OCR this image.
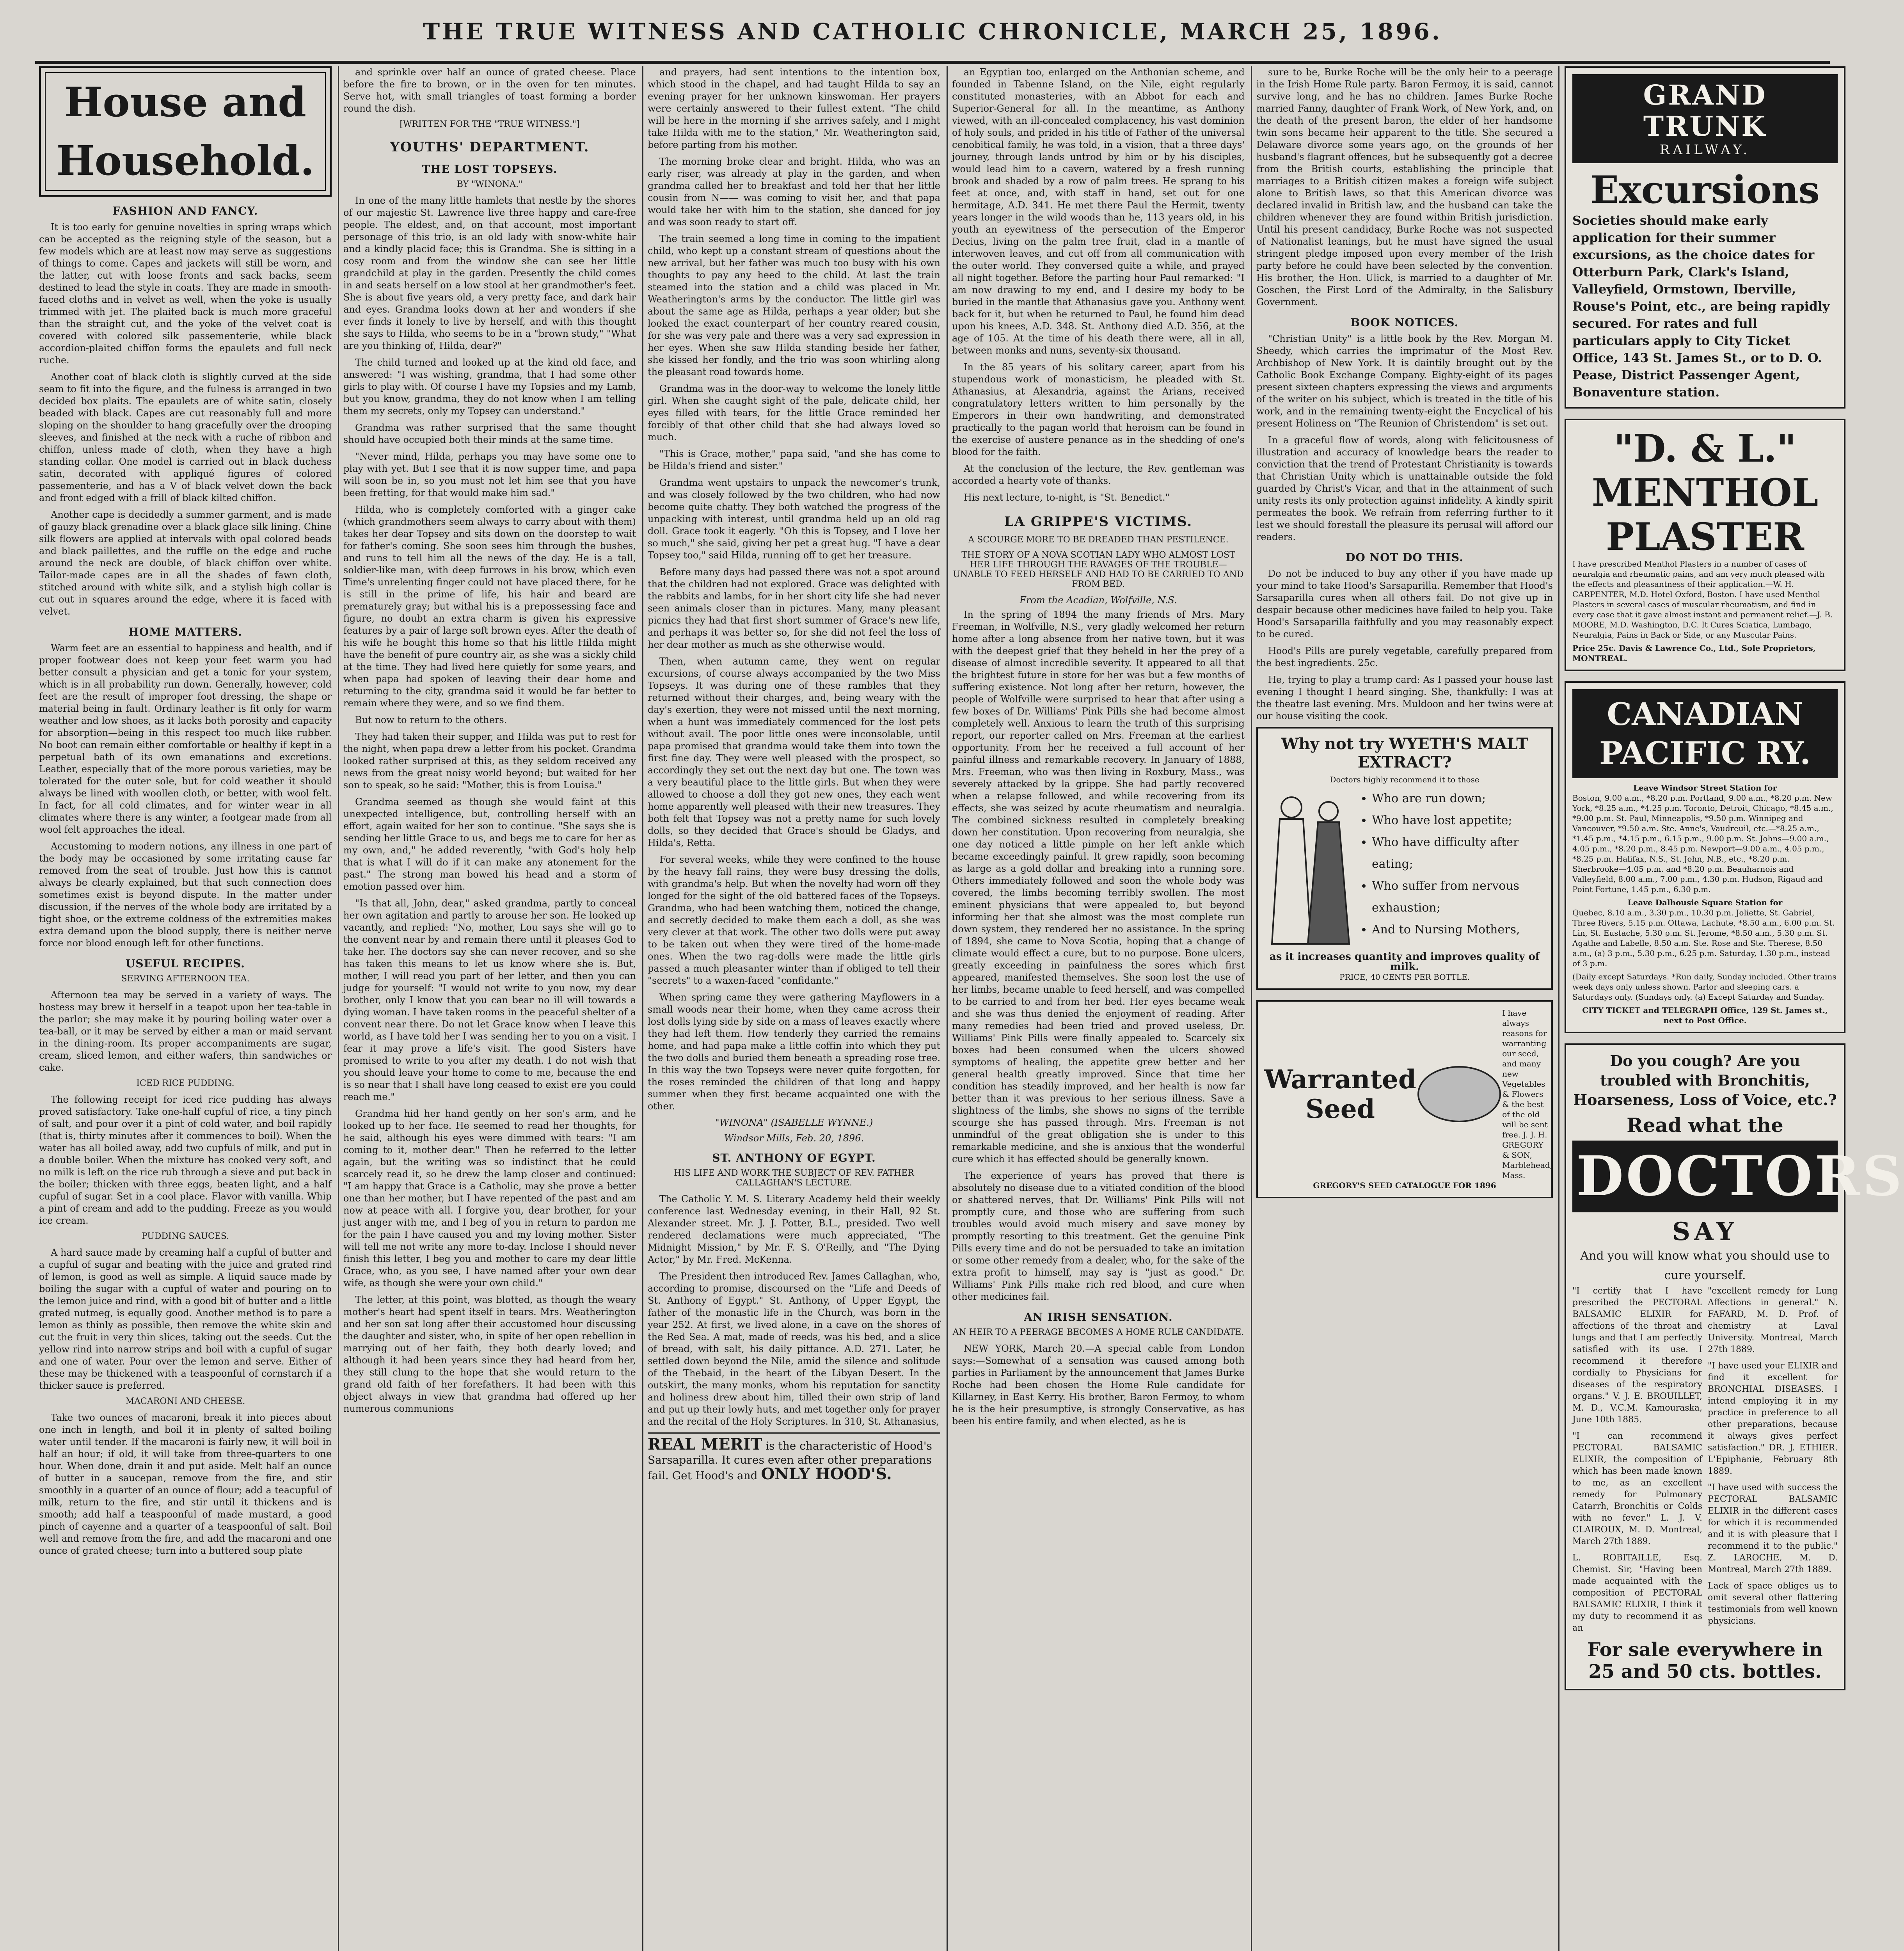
THE TRUE WITNESS AND CATHOLIC CHRONICLE, MARCH 25, 1896.
House and Household.
FASHION AND FANCY.

It is too early for genuine novelties in spring wraps which can be accepted as the reigning style of the season, but a few models which are at least now may serve as suggestions of things to come. Capes and jackets will still be worn, and the latter, cut with loose fronts and sack backs, seem destined to lead the style in coats. They are made in smooth-faced cloths and in velvet as well, when the yoke is usually trimmed with jet. The plaited back is much more graceful than the straight cut, and the yoke of the velvet coat is covered with colored silk passementerie, while black accordion-plaited chiffon forms the epaulets and full neck ruche.

Another coat of black cloth is slightly curved at the side seam to fit into the figure, and the fulness is arranged in two decided box plaits. The epaulets are of white satin, closely beaded with black. Capes are cut reasonably full and more sloping on the shoulder to hang gracefully over the drooping sleeves, and finished at the neck with a ruche of ribbon and chiffon, unless made of cloth, when they have a high standing collar. One model is carried out in black duchess satin, decorated with appliqué figures of colored passementerie, and has a V of black velvet down the back and front edged with a frill of black kilted chiffon.

Another cape is decidedly a summer garment, and is made of gauzy black grenadine over a black glace silk lining. Chine silk flowers are applied at intervals with opal colored beads and black paillettes, and the ruffle on the edge and ruche around the neck are double, of black chiffon over white. Tailor-made capes are in all the shades of fawn cloth, stitched around with white silk, and a stylish high collar is cut out in squares around the edge, where it is faced with velvet.

HOME MATTERS.

Warm feet are an essential to happiness and health, and if proper footwear does not keep your feet warm you had better consult a physician and get a tonic for your system, which is in all probability run down. Generally, however, cold feet are the result of improper foot dressing, the shape or material being in fault. Ordinary leather is fit only for warm weather and low shoes, as it lacks both porosity and capacity for absorption—being in this respect too much like rubber. No boot can remain either comfortable or healthy if kept in a perpetual bath of its own emanations and excretions. Leather, especially that of the more porous varieties, may be tolerated for the outer sole, but for cold weather it should always be lined with woollen cloth, or better, with wool felt. In fact, for all cold climates, and for winter wear in all climates where there is any winter, a footgear made from all wool felt approaches the ideal.

Accustoming to modern notions, any illness in one part of the body may be occasioned by some irritating cause far removed from the seat of trouble. Just how this is cannot always be clearly explained, but that such connection does sometimes exist is beyond dispute. In the matter under discussion, if the nerves of the whole body are irritated by a tight shoe, or the extreme coldness of the extremities makes extra demand upon the blood supply, there is neither nerve force nor blood enough left for other functions.

USEFUL RECIPES.
SERVING AFTERNOON TEA.

Afternoon tea may be served in a variety of ways. The hostess may brew it herself in a teapot upon her tea-table in the parlor; she may make it by pouring boiling water over a tea-ball, or it may be served by either a man or maid servant in the dining-room. Its proper accompaniments are sugar, cream, sliced lemon, and either wafers, thin sandwiches or cake.

ICED RICE PUDDING.

The following receipt for iced rice pudding has always proved satisfactory. Take one-half cupful of rice, a tiny pinch of salt, and pour over it a pint of cold water, and boil rapidly (that is, thirty minutes after it commences to boil). When the water has all boiled away, add two cupfuls of milk, and put in a double boiler. When the mixture has cooked very soft, and no milk is left on the rice rub through a sieve and put back in the boiler; thicken with three eggs, beaten light, and a half cupful of sugar. Set in a cool place. Flavor with vanilla. Whip a pint of cream and add to the pudding. Freeze as you would ice cream.

PUDDING SAUCES.

A hard sauce made by creaming half a cupful of butter and a cupful of sugar and beating with the juice and grated rind of lemon, is good as well as simple. A liquid sauce made by boiling the sugar with a cupful of water and pouring on to the lemon juice and rind, with a good bit of butter and a little grated nutmeg, is equally good. Another method is to pare a lemon as thinly as possible, then remove the white skin and cut the fruit in very thin slices, taking out the seeds. Cut the yellow rind into narrow strips and boil with a cupful of sugar and one of water. Pour over the lemon and serve. Either of these may be thickened with a teaspoonful of cornstarch if a thicker sauce is preferred.

MACARONI AND CHEESE.

Take two ounces of macaroni, break it into pieces about one inch in length, and boil it in plenty of salted boiling water until tender. If the macaroni is fairly new, it will boil in half an hour; if old, it will take from three-quarters to one hour. When done, drain it and put aside. Melt half an ounce of butter in a saucepan, remove from the fire, and stir smoothly in a quarter of an ounce of flour; add a teacupful of milk, return to the fire, and stir until it thickens and is smooth; add half a teaspoonful of made mustard, a good pinch of cayenne and a quarter of a teaspoonful of salt. Boil well and remove from the fire, and add the macaroni and one ounce of grated cheese; turn into a buttered soup plate

and sprinkle over half an ounce of grated cheese. Place before the fire to brown, or in the oven for ten minutes. Serve hot, with small triangles of toast forming a border round the dish.

[WRITTEN FOR THE "TRUE WITNESS."]
YOUTHS' DEPARTMENT.
THE LOST TOPSEYS.
BY "WINONA."

In one of the many little hamlets that nestle by the shores of our majestic St. Lawrence live three happy and care-free people. The eldest, and, on that account, most important personage of this trio, is an old lady with snow-white hair and a kindly placid face; this is Grandma. She is sitting in a cosy room and from the window she can see her little grandchild at play in the garden. Presently the child comes in and seats herself on a low stool at her grandmother's feet. She is about five years old, a very pretty face, and dark hair and eyes. Grandma looks down at her and wonders if she ever finds it lonely to live by herself, and with this thought she says to Hilda, who seems to be in a "brown study," "What are you thinking of, Hilda, dear?"

The child turned and looked up at the kind old face, and answered: "I was wishing, grandma, that I had some other girls to play with. Of course I have my Topsies and my Lamb, but you know, grandma, they do not know when I am telling them my secrets, only my Topsey can understand."

Grandma was rather surprised that the same thought should have occupied both their minds at the same time.

"Never mind, Hilda, perhaps you may have some one to play with yet. But I see that it is now supper time, and papa will soon be in, so you must not let him see that you have been fretting, for that would make him sad."

Hilda, who is completely comforted with a ginger cake (which grandmothers seem always to carry about with them) takes her dear Topsey and sits down on the doorstep to wait for father's coming. She soon sees him through the bushes, and runs to tell him all the news of the day. He is a tall, soldier-like man, with deep furrows in his brow, which even Time's unrelenting finger could not have placed there, for he is still in the prime of life, his hair and beard are prematurely gray; but withal his is a prepossessing face and figure, no doubt an extra charm is given his expressive features by a pair of large soft brown eyes. After the death of his wife he bought this home so that his little Hilda might have the benefit of pure country air, as she was a sickly child at the time. They had lived here quietly for some years, and when papa had spoken of leaving their dear home and returning to the city, grandma said it would be far better to remain where they were, and so we find them.

But now to return to the others.

They had taken their supper, and Hilda was put to rest for the night, when papa drew a letter from his pocket. Grandma looked rather surprised at this, as they seldom received any news from the great noisy world beyond; but waited for her son to speak, so he said: "Mother, this is from Louisa."

Grandma seemed as though she would faint at this unexpected intelligence, but, controlling herself with an effort, again waited for her son to continue. "She says she is sending her little Grace to us, and begs me to care for her as my own, and," he added reverently, "with God's holy help that is what I will do if it can make any atonement for the past." The strong man bowed his head and a storm of emotion passed over him.

"Is that all, John, dear," asked grandma, partly to conceal her own agitation and partly to arouse her son. He looked up vacantly, and replied: "No, mother, Lou says she will go to the convent near by and remain there until it pleases God to take her. The doctors say she can never recover, and so she has taken this means to let us know where she is. But, mother, I will read you part of her letter, and then you can judge for yourself: "I would not write to you now, my dear brother, only I know that you can bear no ill will towards a dying woman. I have taken rooms in the peaceful shelter of a convent near there. Do not let Grace know when I leave this world, as I have told her I was sending her to you on a visit. I fear it may prove a life's visit. The good Sisters have promised to write to you after my death. I do not wish that you should leave your home to come to me, because the end is so near that I shall have long ceased to exist ere you could reach me."

Grandma hid her hand gently on her son's arm, and he looked up to her face. He seemed to read her thoughts, for he said, although his eyes were dimmed with tears: "I am coming to it, mother dear." Then he referred to the letter again, but the writing was so indistinct that he could scarcely read it, so he drew the lamp closer and continued: "I am happy that Grace is a Catholic, may she prove a better one than her mother, but I have repented of the past and am now at peace with all. I forgive you, dear brother, for your just anger with me, and I beg of you in return to pardon me for the pain I have caused you and my loving mother. Sister will tell me not write any more to-day. Inclose I should never finish this letter, I beg you and mother to care my dear little Grace, who, as you see, I have named after your own dear wife, as though she were your own child."

The letter, at this point, was blotted, as though the weary mother's heart had spent itself in tears. Mrs. Weatherington and her son sat long after their accustomed hour discussing the daughter and sister, who, in spite of her open rebellion in marrying out of her faith, they both dearly loved; and although it had been years since they had heard from her, they still clung to the hope that she would return to the grand old faith of her forefathers. It had been with this object always in view that grandma had offered up her numerous communions

and prayers, had sent intentions to the intention box, which stood in the chapel, and had taught Hilda to say an evening prayer for her unknown kinswoman. Her prayers were certainly answered to their fullest extent. "The child will be here in the morning if she arrives safely, and I might take Hilda with me to the station," Mr. Weatherington said, before parting from his mother.

The morning broke clear and bright. Hilda, who was an early riser, was already at play in the garden, and when grandma called her to breakfast and told her that her little cousin from N—— was coming to visit her, and that papa would take her with him to the station, she danced for joy and was soon ready to start off.

The train seemed a long time in coming to the impatient child, who kept up a constant stream of questions about the new arrival, but her father was much too busy with his own thoughts to pay any heed to the child. At last the train steamed into the station and a child was placed in Mr. Weatherington's arms by the conductor. The little girl was about the same age as Hilda, perhaps a year older; but she looked the exact counterpart of her country reared cousin, for she was very pale and there was a very sad expression in her eyes. When she saw Hilda standing beside her father, she kissed her fondly, and the trio was soon whirling along the pleasant road towards home.

Grandma was in the door-way to welcome the lonely little girl. When she caught sight of the pale, delicate child, her eyes filled with tears, for the little Grace reminded her forcibly of that other child that she had always loved so much.

"This is Grace, mother," papa said, "and she has come to be Hilda's friend and sister."

Grandma went upstairs to unpack the newcomer's trunk, and was closely followed by the two children, who had now become quite chatty. They both watched the progress of the unpacking with interest, until grandma held up an old rag doll. Grace took it eagerly. "Oh this is Topsey, and I love her so much," she said, giving her pet a great hug. "I have a dear Topsey too," said Hilda, running off to get her treasure.

Before many days had passed there was not a spot around that the children had not explored. Grace was delighted with the rabbits and lambs, for in her short city life she had never seen animals closer than in pictures. Many, many pleasant picnics they had that first short summer of Grace's new life, and perhaps it was better so, for she did not feel the loss of her dear mother as much as she otherwise would.

Then, when autumn came, they went on regular excursions, of course always accompanied by the two Miss Topseys. It was during one of these rambles that they returned without their charges, and, being weary with the day's exertion, they were not missed until the next morning, when a hunt was immediately commenced for the lost pets without avail. The poor little ones were inconsolable, until papa promised that grandma would take them into town the first fine day. They were well pleased with the prospect, so accordingly they set out the next day but one. The town was a very beautiful place to the little girls. But when they were allowed to choose a doll they got new ones, they each went home apparently well pleased with their new treasures. They both felt that Topsey was not a pretty name for such lovely dolls, so they decided that Grace's should be Gladys, and Hilda's, Retta.

For several weeks, while they were confined to the house by the heavy fall rains, they were busy dressing the dolls, with grandma's help. But when the novelty had worn off they longed for the sight of the old battered faces of the Topseys. Grandma, who had been watching them, noticed the change, and secretly decided to make them each a doll, as she was very clever at that work. The other two dolls were put away to be taken out when they were tired of the home-made ones. When the two rag-dolls were made the little girls passed a much pleasanter winter than if obliged to tell their "secrets" to a waxen-faced "confidante."

When spring came they were gathering Mayflowers in a small woods near their home, when they came across their lost dolls lying side by side on a mass of leaves exactly where they had left them. How tenderly they carried the remains home, and had papa make a little coffin into which they put the two dolls and buried them beneath a spreading rose tree. In this way the two Topseys were never quite forgotten, for the roses reminded the children of that long and happy summer when they first became acquainted one with the other.

"WINONA" (ISABELLE WYNNE.)
Windsor Mills, Feb. 20, 1896.
ST. ANTHONY OF EGYPT.
HIS LIFE AND WORK THE SUBJECT OF REV. FATHER CALLAGHAN'S LECTURE.

The Catholic Y. M. S. Literary Academy held their weekly conference last Wednesday evening, in their Hall, 92 St. Alexander street. Mr. J. J. Potter, B.L., presided. Two well rendered declamations were much appreciated, "The Midnight Mission," by Mr. F. S. O'Reilly, and "The Dying Actor," by Mr. Fred. McKenna.

The President then introduced Rev. James Callaghan, who, according to promise, discoursed on the "Life and Deeds of St. Anthony of Egypt." St. Anthony, of Upper Egypt, the father of the monastic life in the Church, was born in the year 252. At first, we lived alone, in a cave on the shores of the Red Sea. A mat, made of reeds, was his bed, and a slice of bread, with salt, his daily pittance. A.D. 271. Later, he settled down beyond the Nile, amid the silence and solitude of the Thebaid, in the heart of the Libyan Desert. In the outskirt, the many monks, whom his reputation for sanctity and holiness drew about him, tilled their own strip of land and put up their lowly huts, and met together only for prayer and the recital of the Holy Scriptures. In 310, St. Athanasius,

REAL MERIT is the characteristic of Hood's Sarsaparilla. It cures even after other preparations fail. Get Hood's and ONLY HOOD'S.

an Egyptian too, enlarged on the Anthonian scheme, and founded in Tabenne Island, on the Nile, eight regularly constituted monasteries, with an Abbot for each and Superior-General for all. In the meantime, as Anthony viewed, with an ill-concealed complacency, his vast dominion of holy souls, and prided in his title of Father of the universal cenobitical family, he was told, in a vision, that a three days' journey, through lands untrod by him or by his disciples, would lead him to a cavern, watered by a fresh running brook and shaded by a row of palm trees. He sprang to his feet at once, and, with staff in hand, set out for one hermitage, A.D. 341. He met there Paul the Hermit, twenty years longer in the wild woods than he, 113 years old, in his youth an eyewitness of the persecution of the Emperor Decius, living on the palm tree fruit, clad in a mantle of interwoven leaves, and cut off from all communication with the outer world. They conversed quite a while, and prayed all night together. Before the parting hour Paul remarked: "I am now drawing to my end, and I desire my body to be buried in the mantle that Athanasius gave you. Anthony went back for it, but when he returned to Paul, he found him dead upon his knees, A.D. 348. St. Anthony died A.D. 356, at the age of 105. At the time of his death there were, all in all, between monks and nuns, seventy-six thousand.

In the 85 years of his solitary career, apart from his stupendous work of monasticism, he pleaded with St. Athanasius, at Alexandria, against the Arians, received congratulatory letters written to him personally by the Emperors in their own handwriting, and demonstrated practically to the pagan world that heroism can be found in the exercise of austere penance as in the shedding of one's blood for the faith.

At the conclusion of the lecture, the Rev. gentleman was accorded a hearty vote of thanks.

His next lecture, to-night, is "St. Benedict."

LA GRIPPE'S VICTIMS.
A SCOURGE MORE TO BE DREADED THAN PESTILENCE.
THE STORY OF A NOVA SCOTIAN LADY WHO ALMOST LOST HER LIFE THROUGH THE RAVAGES OF THE TROUBLE—UNABLE TO FEED HERSELF AND HAD TO BE CARRIED TO AND FROM BED.
From the Acadian, Wolfville, N.S.

In the spring of 1894 the many friends of Mrs. Mary Freeman, in Wolfville, N.S., very gladly welcomed her return home after a long absence from her native town, but it was with the deepest grief that they beheld in her the prey of a disease of almost incredible severity. It appeared to all that the brightest future in store for her was but a few months of suffering existence. Not long after her return, however, the people of Wolfville were surprised to hear that after using a few boxes of Dr. Williams' Pink Pills she had become almost completely well. Anxious to learn the truth of this surprising report, our reporter called on Mrs. Freeman at the earliest opportunity. From her he received a full account of her painful illness and remarkable recovery. In January of 1888, Mrs. Freeman, who was then living in Roxbury, Mass., was severely attacked by la grippe. She had partly recovered when a relapse followed, and while recovering from its effects, she was seized by acute rheumatism and neuralgia. The combined sickness resulted in completely breaking down her constitution. Upon recovering from neuralgia, she one day noticed a little pimple on her left ankle which became exceedingly painful. It grew rapidly, soon becoming as large as a gold dollar and breaking into a running sore. Others immediately followed and soon the whole body was covered, the limbs becoming terribly swollen. The most eminent physicians that were appealed to, but beyond informing her that she almost was the most complete run down system, they rendered her no assistance. In the spring of 1894, she came to Nova Scotia, hoping that a change of climate would effect a cure, but to no purpose. Bone ulcers, greatly exceeding in painfulness the sores which first appeared, manifested themselves. She soon lost the use of her limbs, became unable to feed herself, and was compelled to be carried to and from her bed. Her eyes became weak and she was thus denied the enjoyment of reading. After many remedies had been tried and proved useless, Dr. Williams' Pink Pills were finally appealed to. Scarcely six boxes had been consumed when the ulcers showed symptoms of healing, the appetite grew better and her general health greatly improved. Since that time her condition has steadily improved, and her health is now far better than it was previous to her serious illness. Save a slightness of the limbs, she shows no signs of the terrible scourge she has passed through. Mrs. Freeman is not unmindful of the great obligation she is under to this remarkable medicine, and she is anxious that the wonderful cure which it has effected should be generally known.

The experience of years has proved that there is absolutely no disease due to a vitiated condition of the blood or shattered nerves, that Dr. Williams' Pink Pills will not promptly cure, and those who are suffering from such troubles would avoid much misery and save money by promptly resorting to this treatment. Get the genuine Pink Pills every time and do not be persuaded to take an imitation or some other remedy from a dealer, who, for the sake of the extra profit to himself, may say is "just as good." Dr. Williams' Pink Pills make rich red blood, and cure when other medicines fail.

AN IRISH SENSATION.
AN HEIR TO A PEERAGE BECOMES A HOME RULE CANDIDATE.

NEW YORK, March 20.—A special cable from London says:—Somewhat of a sensation was caused among both parties in Parliament by the announcement that James Burke Roche had been chosen the Home Rule candidate for Killarney, in East Kerry. His brother, Baron Fermoy, to whom he is the heir presumptive, is strongly Conservative, as has been his entire family, and when elected, as he is

sure to be, Burke Roche will be the only heir to a peerage in the Irish Home Rule party. Baron Fermoy, it is said, cannot survive long, and he has no children. James Burke Roche married Fanny, daughter of Frank Work, of New York, and, on the death of the present baron, the elder of her handsome twin sons became heir apparent to the title. She secured a Delaware divorce some years ago, on the grounds of her husband's flagrant offences, but he subsequently got a decree from the British courts, establishing the principle that marriages to a British citizen makes a foreign wife subject alone to British laws, so that this American divorce was declared invalid in British law, and the husband can take the children whenever they are found within British jurisdiction. Until his present candidacy, Burke Roche was not suspected of Nationalist leanings, but he must have signed the usual stringent pledge imposed upon every member of the Irish party before he could have been selected by the convention. His brother, the Hon. Ulick, is married to a daughter of Mr. Goschen, the First Lord of the Admiralty, in the Salisbury Government.

BOOK NOTICES.

"Christian Unity" is a little book by the Rev. Morgan M. Sheedy, which carries the imprimatur of the Most Rev. Archbishop of New York. It is daintily brought out by the Catholic Book Exchange Company. Eighty-eight of its pages present sixteen chapters expressing the views and arguments of the writer on his subject, which is treated in the title of his work, and in the remaining twenty-eight the Encyclical of his present Holiness on "The Reunion of Christendom" is set out.

In a graceful flow of words, along with felicitousness of illustration and accuracy of knowledge bears the reader to conviction that the trend of Protestant Christianity is towards that Christian Unity which is unattainable outside the fold guarded by Christ's Vicar, and that in the attainment of such unity rests its only protection against infidelity. A kindly spirit permeates the book. We refrain from referring further to it lest we should forestall the pleasure its perusal will afford our readers.

DO NOT DO THIS.

Do not be induced to buy any other if you have made up your mind to take Hood's Sarsaparilla. Remember that Hood's Sarsaparilla cures when all others fail. Do not give up in despair because other medicines have failed to help you. Take Hood's Sarsaparilla faithfully and you may reasonably expect to be cured.

Hood's Pills are purely vegetable, carefully prepared from the best ingredients. 25c.

He, trying to play a trump card: As I passed your house last evening I thought I heard singing. She, thankfully: I was at the theatre last evening. Mrs. Muldoon and her twins were at our house visiting the cook.

Why not try WYETH'S MALT EXTRACT?
Doctors highly recommend it to those
• Who are run down;
• Who have lost appetite;
• Who have difficulty after eating;
• Who suffer from nervous exhaustion;
• And to Nursing Mothers,
as it increases quantity and improves quality of milk.
PRICE, 40 CENTS PER BOTTLE.
Warranted
Seed
I have always reasons for warranting our seed, and many new Vegetables & Flowers & the best of the old will be sent free. J. J. H. GREGORY & SON, Marblehead, Mass.
GREGORY'S SEED CATALOGUE FOR 1896
GRAND TRUNK
RAILWAY.
Excursions
Societies should make early application for their summer excursions, as the choice dates for Otterburn Park, Clark's Island, Valleyfield, Ormstown, Iberville, Rouse's Point, etc., are being rapidly secured. For rates and full particulars apply to City Ticket Office, 143 St. James St., or to D. O. Pease, District Passenger Agent, Bonaventure station.
"D. & L." MENTHOL PLASTER
I have prescribed Menthol Plasters in a number of cases of neuralgia and rheumatic pains, and am very much pleased with the effects and pleasantness of their application.—W. H. CARPENTER, M.D. Hotel Oxford, Boston. I have used Menthol Plasters in several cases of muscular rheumatism, and find in every case that it gave almost instant and permanent relief.—J. B. MOORE, M.D. Washington, D.C. It Cures Sciatica, Lumbago, Neuralgia, Pains in Back or Side, or any Muscular Pains.
Price 25c. Davis & Lawrence Co., Ltd., Sole Proprietors, MONTREAL.
CANADIAN PACIFIC RY.
Leave Windsor Street Station for
Boston, 9.00 a.m., *8.20 p.m. Portland, 9.00 a.m., *8.20 p.m. New York, *8.25 a.m., *4.25 p.m. Toronto, Detroit, Chicago, *8.45 a.m., *9.00 p.m. St. Paul, Minneapolis, *9.50 p.m. Winnipeg and Vancouver, *9.50 a.m. Ste. Anne's, Vaudreuil, etc.—*8.25 a.m., *1.45 p.m., *4.15 p.m., 6.15 p.m., 9.00 p.m. St. Johns—9.00 a.m., 4.05 p.m., *8.20 p.m., 8.45 p.m. Newport—9.00 a.m., 4.05 p.m., *8.25 p.m. Halifax, N.S., St. John, N.B., etc., *8.20 p.m. Sherbrooke—4.05 p.m. and *8.20 p.m. Beauharnois and Valleyfield, 8.00 a.m., 7.00 p.m., 4.30 p.m. Hudson, Rigaud and Point Fortune, 1.45 p.m., 6.30 p.m.
Leave Dalhousie Square Station for
Quebec, 8.10 a.m., 3.30 p.m., 10.30 p.m. Joliette, St. Gabriel, Three Rivers, 5.15 p.m. Ottawa, Lachute, *8.50 a.m., 6.00 p.m. St. Lin, St. Eustache, 5.30 p.m. St. Jerome, *8.50 a.m., 5.30 p.m. St. Agathe and Labelle, 8.50 a.m. Ste. Rose and Ste. Therese, 8.50 a.m., (a) 3 p.m., 5.30 p.m., 6.25 p.m. Saturday, 1.30 p.m., instead of 3 p.m.
(Daily except Saturdays. *Run daily, Sunday included. Other trains week days only unless shown. Parlor and sleeping cars. a Saturdays only. (Sundays only. (a) Except Saturday and Sunday.
CITY TICKET and TELEGRAPH Office, 129 St. James st., next to Post Office.
Do you cough? Are you troubled with Bronchitis, Hoarseness, Loss of Voice, etc.?
Read what the
DOCTORS
SAY
And you will know what you should use to cure yourself.

"I certify that I have prescribed the PECTORAL BALSAMIC ELIXIR for affections of the throat and lungs and that I am perfectly satisfied with its use. I recommend it therefore cordially to Physicians for diseases of the respiratory organs." V. J. E. BROUILLET, M. D., V.C.M. Kamouraska, June 10th 1885.

"I can recommend PECTORAL BALSAMIC ELIXIR, the composition of which has been made known to me, as an excellent remedy for Pulmonary Catarrh, Bronchitis or Colds with no fever." L. J. V. CLAIROUX, M. D. Montreal, March 27th 1889.

L. ROBITAILLE, Esq. Chemist. Sir, "Having been made acquainted with the composition of PECTORAL BALSAMIC ELIXIR, I think it my duty to recommend it as an

"excellent remedy for Lung Affections in general." N. FAFARD, M. D. Prof. of chemistry at Laval University. Montreal, March 27th 1889.

"I have used your ELIXIR and find it excellent for BRONCHIAL DISEASES. I intend employing it in my practice in preference to all other preparations, because it always gives perfect satisfaction." DR. J. ETHIER. L'Epiphanie, February 8th 1889.

"I have used with success the PECTORAL BALSAMIC ELIXIR in the different cases for which it is recommended and it is with pleasure that I recommend it to the public." Z. LAROCHE, M. D. Montreal, March 27th 1889.

Lack of space obliges us to omit several other flattering testimonials from well known physicians.

For sale everywhere in 25 and 50 cts. bottles.
